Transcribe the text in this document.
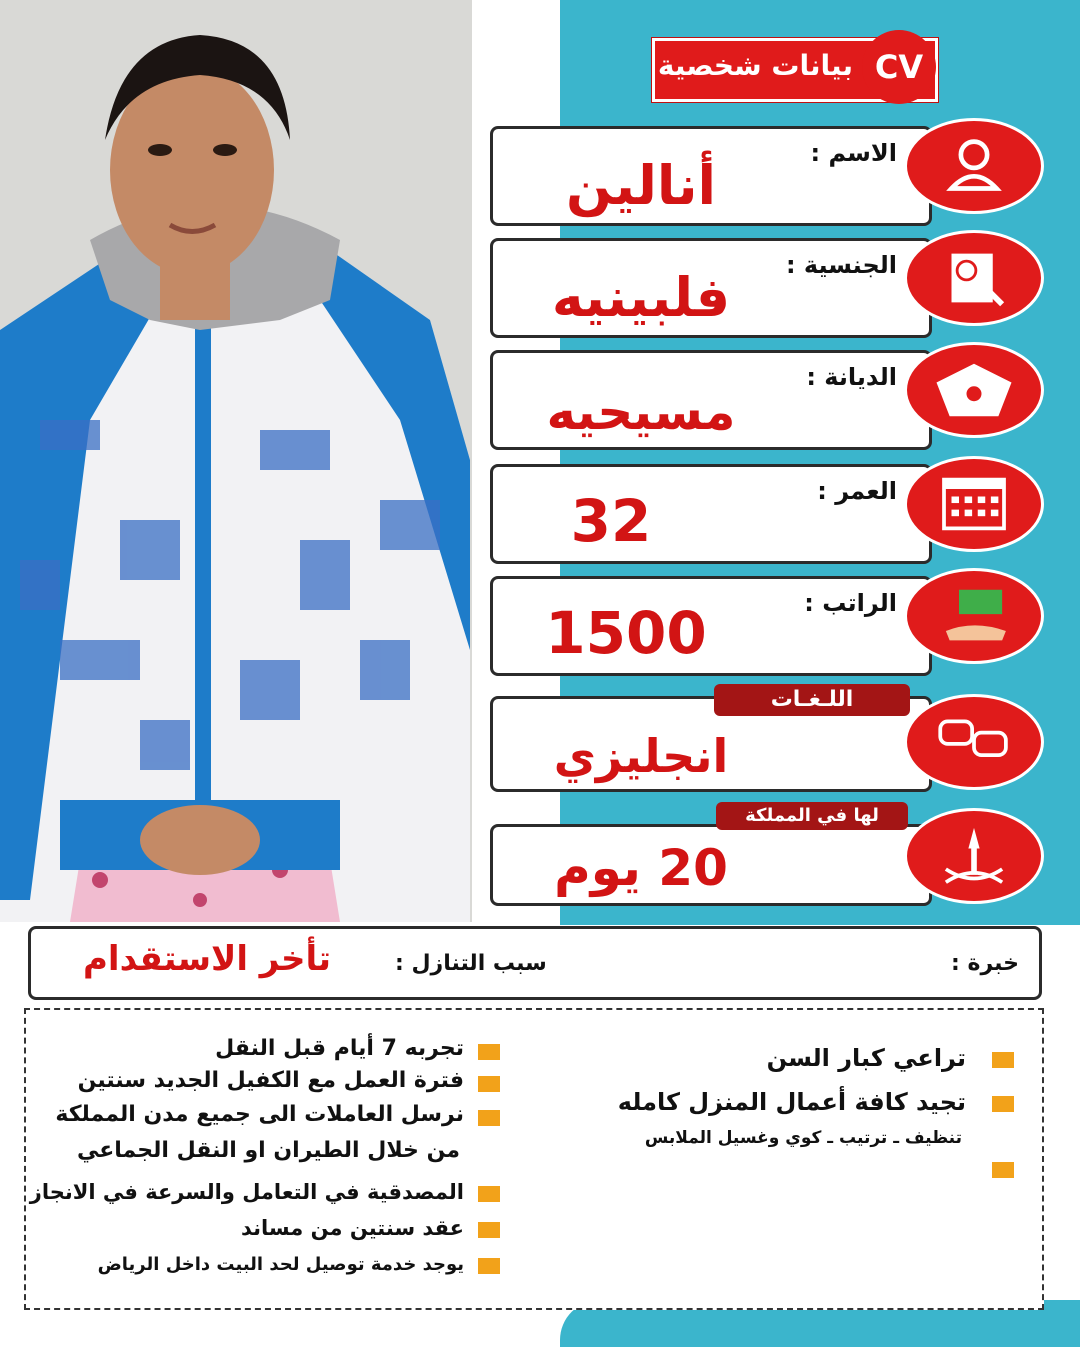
بيانات شخصية CV
الاسم :
أنالين
الجنسية :
فلبينيه
الديانة :
مسيحيه
العمر :
32
الراتب :
1500
انجليزي
اللـغـات
20 يوم
لها في المملكة
خبرة :
سبب التنازل :
تأخر الاستقدام
تراعي كبار السن
تجيد كافة أعمال المنزل كامله
تنظيف ـ ترتيب ـ كوي وغسيل الملابس
تجربه 7 أيام قبل النقل
فترة العمل مع الكفيل الجديد سنتين
نرسل العاملات الى جميع مدن المملكة
من خلال الطيران او النقل الجماعي
المصدقية في التعامل والسرعة في الانجاز
عقد سنتين من مساند
يوجد خدمة توصيل لحد البيت داخل الرياض
